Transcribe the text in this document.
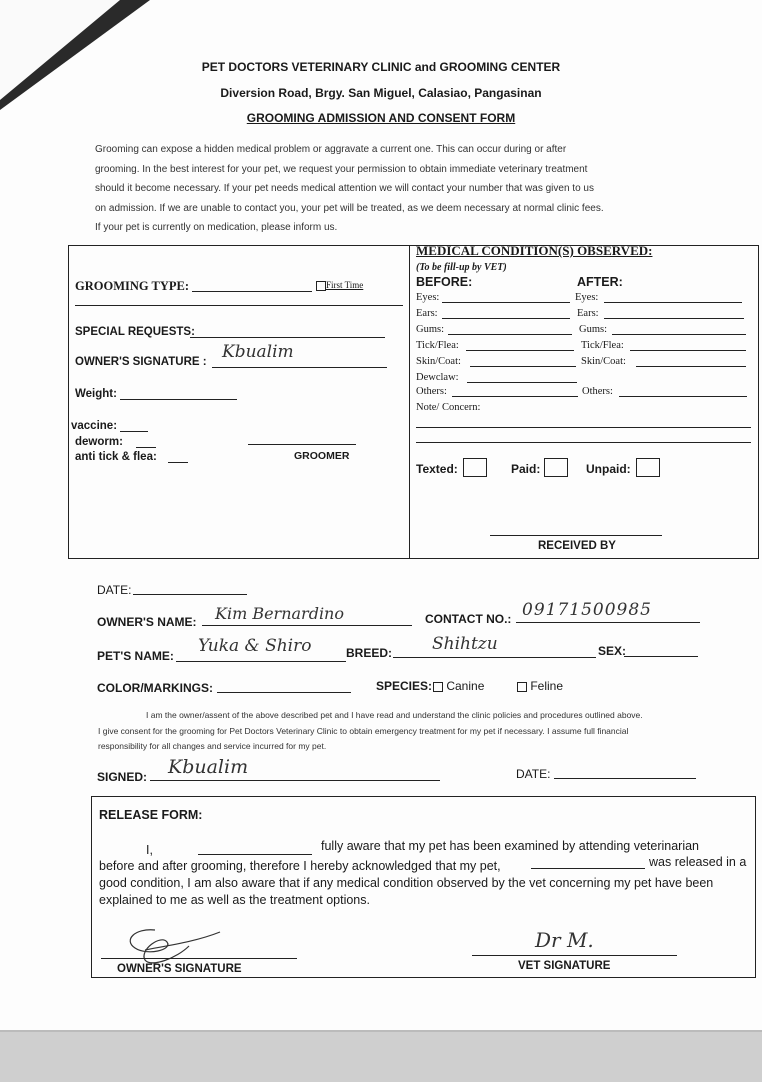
PET DOCTORS VETERINARY CLINIC and GROOMING CENTER
Diversion Road, Brgy. San Miguel, Calasiao, Pangasinan
GROOMING ADMISSION AND CONSENT FORM
Grooming can expose a hidden medical problem or aggravate a current one. This can occur during or after
grooming. In the best interest for your pet, we request your permission to obtain immediate veterinary treatment
should it become necessary. If your pet needs medical attention we will contact your number that was given to us
on admission. If we are unable to contact you, your pet will be treated, as we deem necessary at normal clinic fees.
If your pet is currently on medication, please inform us.
GROOMING TYPE:	First Time
SPECIAL REQUESTS:
OWNER'S SIGNATURE : Kbualim
Weight:
vaccine:
deworm:
anti tick & flea:	GROOMER
MEDICAL CONDITION(S) OBSERVED:
(To be fill-up by VET)
BEFORE:	AFTER:
Eyes:	Eyes:
Ears:	Ears:
Gums:	Gums:
Tick/Flea:	Tick/Flea:
Skin/Coat:	Skin/Coat:
Dewclaw:
Others:	Others:
Note/ Concern:
Texted:	Paid:	Unpaid:
RECEIVED BY
DATE:
OWNER'S NAME: Kim Bernardino	CONTACT NO.: 09171500985
PET'S NAME: Yuka & Shiro	BREED: Shihtzu	SEX:
COLOR/MARKINGS:	SPECIES:	Canine	Feline
I am the owner/assent of the above described pet and I have read and understand the clinic policies and procedures outlined above.
I give consent for the grooming for Pet Doctors Veterinary Clinic to obtain emergency treatment for my pet if necessary. I assume full financial
responsibility for all changes and service incurred for my pet.
SIGNED: Kbualim	DATE:
RELEASE FORM:
I,	fully aware that my pet has been examined by attending veterinarian
before and after grooming, therefore I hereby acknowledged that my pet,	was released in a
good condition, I am also aware that if any medical condition observed by the vet concerning my pet have been
explained to me as well as the treatment options.
OWNER'S SIGNATURE
Dr M.
VET SIGNATURE
